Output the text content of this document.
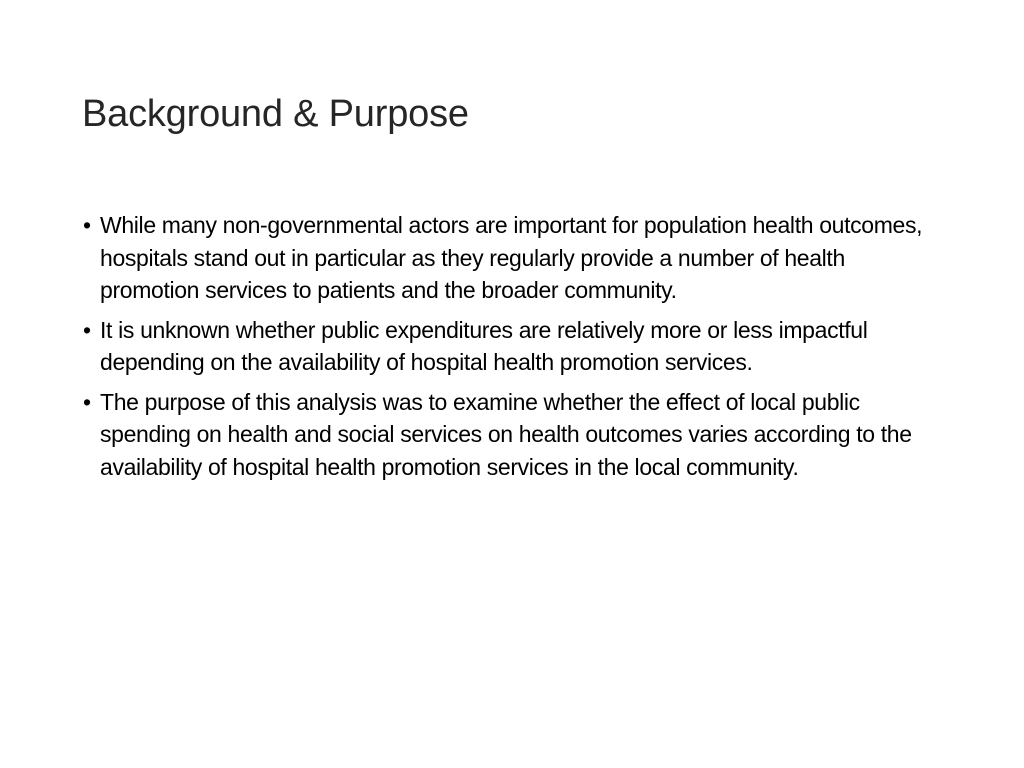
Background & Purpose
• While many non-governmental actors are important for population health outcomes, hospitals stand out in particular as they regularly provide a number of health promotion services to patients and the broader community.
• It is unknown whether public expenditures are relatively more or less impactful depending on the availability of hospital health promotion services.
• The purpose of this analysis was to examine whether the effect of local public spending on health and social services on health outcomes varies according to the availability of hospital health promotion services in the local community.
